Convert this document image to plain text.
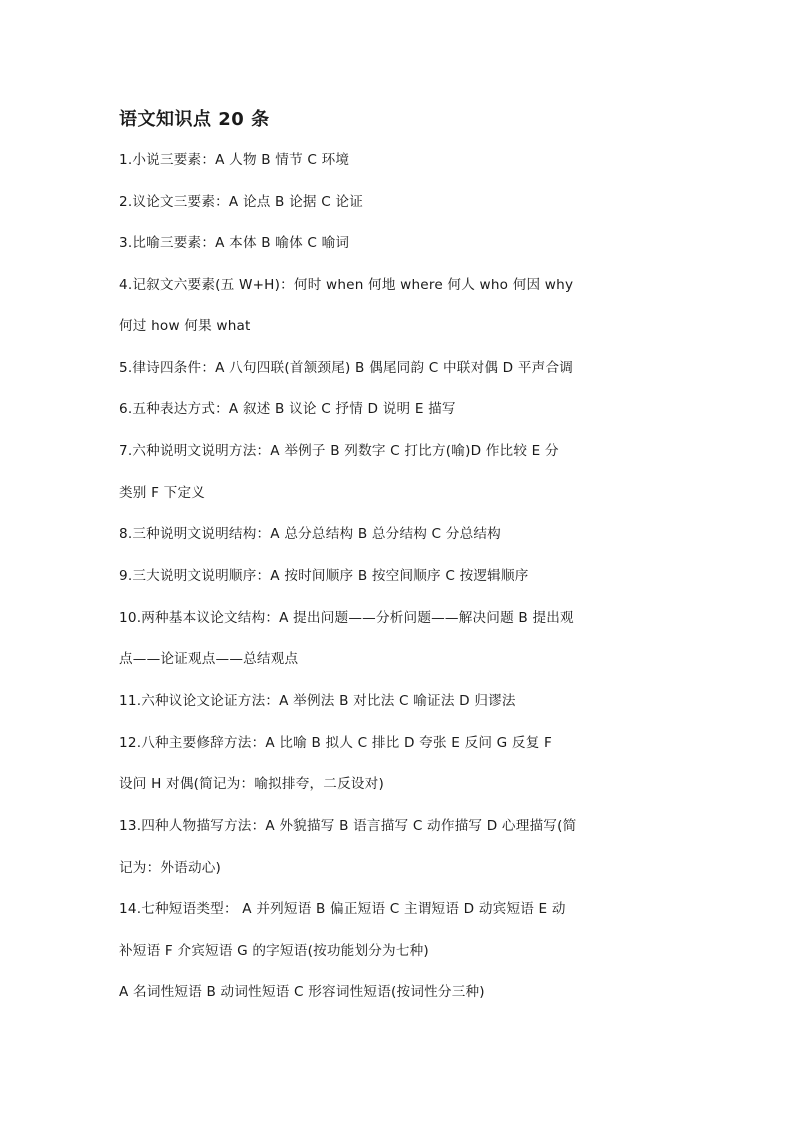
语文知识点 20 条
1.小说三要素：A 人物 B 情节 C 环境
2.议论文三要素：A 论点 B 论据 C 论证
3.比喻三要素：A 本体 B 喻体 C 喻词
4.记叙文六要素(五 W+H)：何时 when 何地 where 何人 who 何因 why
何过 how 何果 what
5.律诗四条件：A 八句四联(首颔颈尾) B 偶尾同韵 C 中联对偶 D 平声合调
6.五种表达方式：A 叙述 B 议论 C 抒情 D 说明 E 描写
7.六种说明文说明方法：A 举例子 B 列数字 C 打比方(喻)D 作比较 E 分
类别 F 下定义
8.三种说明文说明结构：A 总分总结构 B 总分结构 C 分总结构
9.三大说明文说明顺序：A 按时间顺序 B 按空间顺序 C 按逻辑顺序
10.两种基本议论文结构：A 提出问题——分析问题——解决问题 B 提出观
点——论证观点——总结观点
11.六种议论文论证方法：A 举例法 B 对比法 C 喻证法 D 归谬法
12.八种主要修辞方法：A 比喻 B 拟人 C 排比 D 夸张 E 反问 G 反复 F
设问 H 对偶(简记为：喻拟排夸，二反设对)
13.四种人物描写方法：A 外貌描写 B 语言描写 C 动作描写 D 心理描写(简
记为：外语动心)
14.七种短语类型： A 并列短语 B 偏正短语 C 主谓短语 D 动宾短语 E 动
补短语 F 介宾短语 G 的字短语(按功能划分为七种)
A 名词性短语 B 动词性短语 C 形容词性短语(按词性分三种)
